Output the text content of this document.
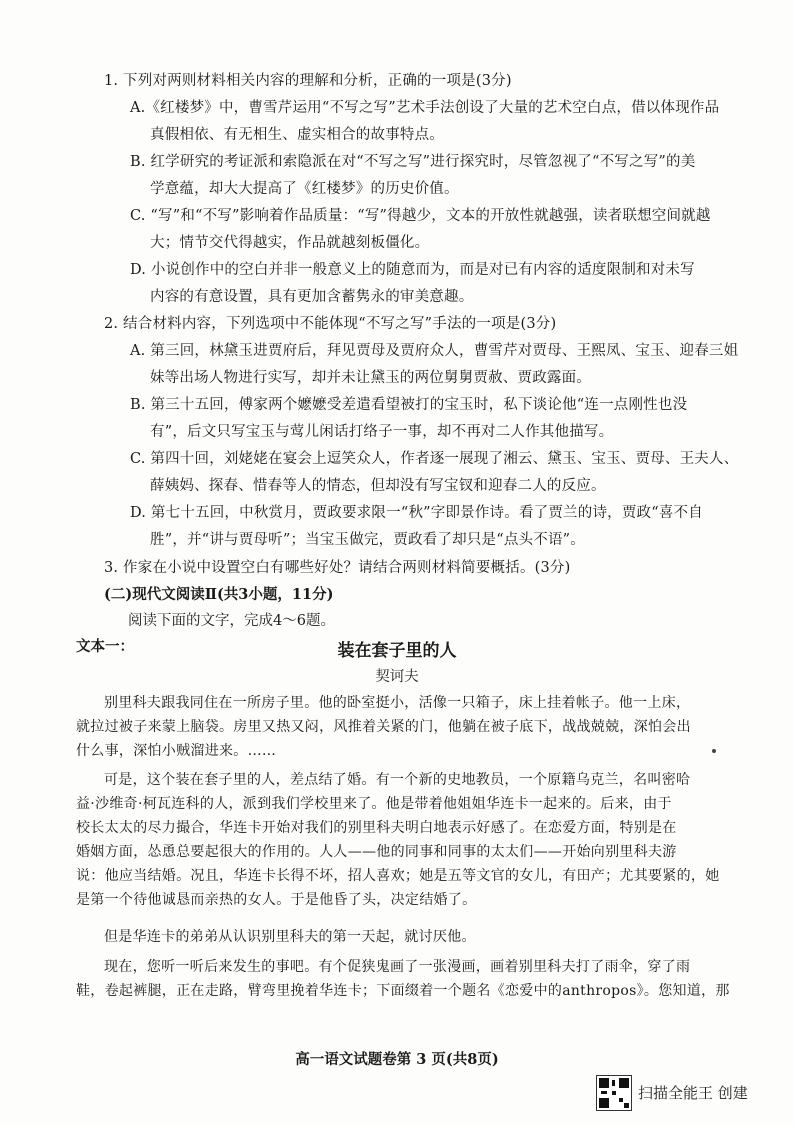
1. 下列对两则材料相关内容的理解和分析，正确的一项是(3分)
A.《红楼梦》中，曹雪芹运用“不写之写”艺术手法创设了大量的艺术空白点，借以体现作品
真假相依、有无相生、虚实相合的故事特点。
B. 红学研究的考证派和索隐派在对“不写之写”进行探究时，尽管忽视了“不写之写”的美
学意蕴，却大大提高了《红楼梦》的历史价值。
C. “写”和“不写”影响着作品质量：“写”得越少，文本的开放性就越强，读者联想空间就越
大；情节交代得越实，作品就越刻板僵化。
D. 小说创作中的空白并非一般意义上的随意而为，而是对已有内容的适度限制和对未写
内容的有意设置，具有更加含蓄隽永的审美意趣。
2. 结合材料内容，下列选项中不能体现“不写之写”手法的一项是(3分)
A. 第三回，林黛玉进贾府后，拜见贾母及贾府众人，曹雪芹对贾母、王熙凤、宝玉、迎春三姐
妹等出场人物进行实写，却并未让黛玉的两位舅舅贾赦、贾政露面。
B. 第三十五回，傅家两个嬷嬷受差遣看望被打的宝玉时，私下谈论他“连一点刚性也没
有”，后文只写宝玉与莺儿闲话打络子一事，却不再对二人作其他描写。
C. 第四十回，刘姥姥在宴会上逗笑众人，作者逐一展现了湘云、黛玉、宝玉、贾母、王夫人、
薛姨妈、探春、惜春等人的情态，但却没有写宝钗和迎春二人的反应。
D. 第七十五回，中秋赏月，贾政要求限一“秋”字即景作诗。看了贾兰的诗，贾政“喜不自
胜”，并“讲与贾母听”；当宝玉做完，贾政看了却只是“点头不语”。
3. 作家在小说中设置空白有哪些好处？请结合两则材料简要概括。(3分)
(二)现代文阅读Ⅱ(共3小题，11分)
阅读下面的文字，完成4～6题。
文本一：	装在套子里的人
契诃夫
别里科夫跟我同住在一所房子里。他的卧室挺小，活像一只箱子，床上挂着帐子。他一上床，
就拉过被子来蒙上脑袋。房里又热又闷，风推着关紧的门，他躺在被子底下，战战兢兢，深怕会出
什么事，深怕小贼溜进来。……
可是，这个装在套子里的人，差点结了婚。有一个新的史地教员，一个原籍乌克兰，名叫密哈
益·沙维奇·柯瓦连科的人，派到我们学校里来了。他是带着他姐姐华连卡一起来的。后来，由于
校长太太的尽力撮合，华连卡开始对我们的别里科夫明白地表示好感了。在恋爱方面，特别是在
婚姻方面，怂恿总要起很大的作用的。人人——他的同事和同事的太太们——开始向别里科夫游
说：他应当结婚。况且，华连卡长得不坏，招人喜欢；她是五等文官的女儿，有田产；尤其要紧的，她
是第一个待他诚恳而亲热的女人。于是他昏了头，决定结婚了。
但是华连卡的弟弟从认识别里科夫的第一天起，就讨厌他。
现在，您听一听后来发生的事吧。有个促狭鬼画了一张漫画，画着别里科夫打了雨伞，穿了雨
鞋，卷起裤腿，正在走路，臂弯里挽着华连卡；下面缀着一个题名《恋爱中的anthropos》。您知道，那
高一语文试题卷第 3 页(共8页)
扫描全能王 创建
